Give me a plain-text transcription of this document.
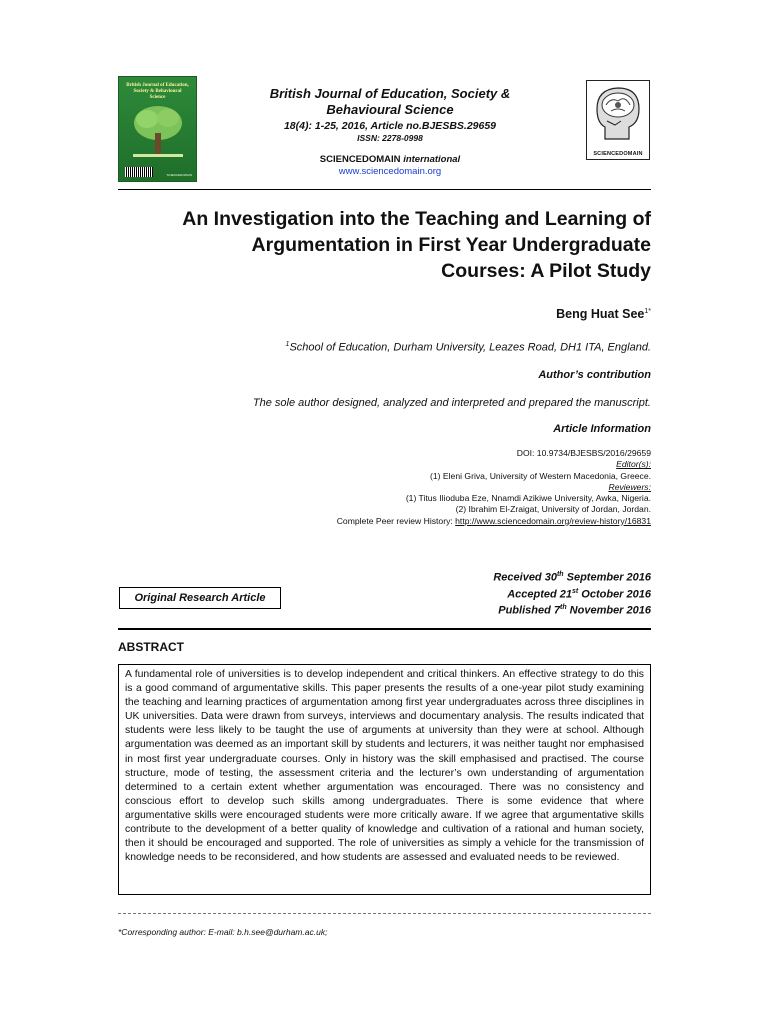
British Journal of Education, Society & Behavioural Science
SCIENCEDOMAIN
British Journal of Education, Society &
Behavioural Science
18(4): 1-25, 2016, Article no.BJESBS.29659
ISSN: 2278-0998
SCIENCEDOMAIN international
www.sciencedomain.org
SCIENCEDOMAIN
An Investigation into the Teaching and Learning of
Argumentation in First Year Undergraduate
Courses: A Pilot Study
Beng Huat See$^{1*}$
$^1$School of Education, Durham University, Leazes Road, DH1 ITA, England.
Author’s contribution
The sole author designed, analyzed and interpreted and prepared the manuscript.
Article Information
DOI: 10.9734/BJESBS/2016/29659
Editor(s):
(1) Eleni Griva, University of Western Macedonia, Greece.
Reviewers:
(1) Titus Ilioduba Eze, Nnamdi Azikiwe University, Awka, Nigeria.
(2) Ibrahim El-Zraigat, University of Jordan, Jordan.
Complete Peer review History: http://www.sciencedomain.org/review-history/16831
Received 30th September 2016
Accepted 21st October 2016
Published 7th November 2016
Original Research Article
ABSTRACT
A fundamental role of universities is to develop independent and critical thinkers. An effective strategy to do this is a good command of argumentative skills. This paper presents the results of a one-year pilot study examining the teaching and learning practices of argumentation among first year undergraduates across three disciplines in UK universities. Data were drawn from surveys, interviews and documentary analysis. The results indicated that students were less likely to be taught the use of arguments at university than they were at school. Although argumentation was deemed as an important skill by students and lecturers, it was neither taught nor emphasised in most first year undergraduate courses. Only in history was the skill emphasised and practised. The course structure, mode of testing, the assessment criteria and the lecturer’s own understanding of argumentation determined to a certain extent whether argumentation was encouraged. There was no consistency and conscious effort to develop such skills among undergraduates. There is some evidence that where argumentative skills were encouraged students were more critically aware. If we agree that argumentative skills contribute to the development of a better quality of knowledge and cultivation of a rational and human society, then it should be encouraged and supported. The role of universities as simply a vehicle for the transmission of knowledge needs to be reconsidered, and how students are assessed and evaluated needs to be reviewed.
*Corresponding author: E-mail: b.h.see@durham.ac.uk;
